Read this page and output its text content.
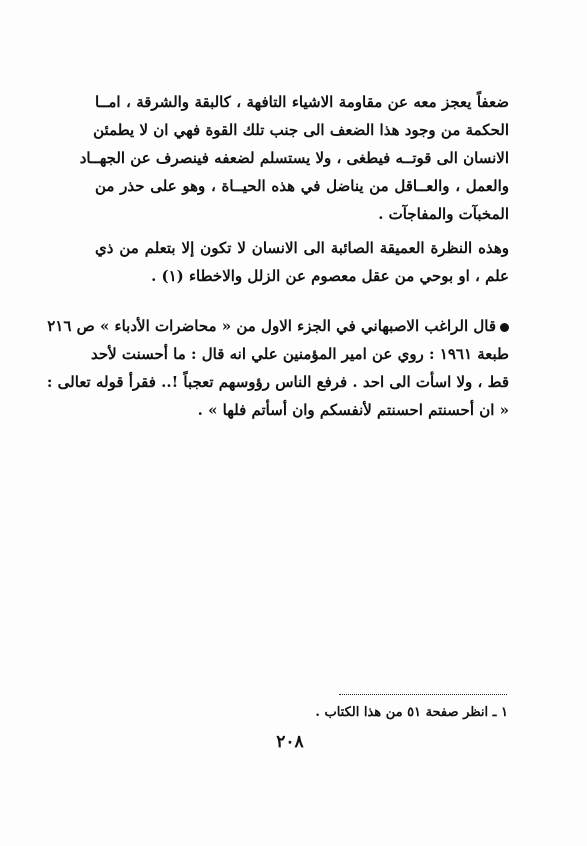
ضعفاً يعجز معه عن مقاومة الاشياء التافهة ، كالبقة والشرقة ، امــا
الحكمة من وجود هذا الضعف الى جنب تلك القوة فهي ان لا يطمئن
الانسان الى قوتــه فيطغى ، ولا يستسلم لضعفه فينصرف عن الجهــاد
والعمل ، والعــاقل من يناضل في هذه الحيــاة ، وهو على حذر من
المخبآت والمفاجآت .
وهذه النظرة العميقة الصائبة الى الانسان لا تكون إلا بتعلم من ذي
علم ، او بوحي من عقل معصوم عن الزلل والاخطاء (١) .
قال الراغب الاصبهاني في الجزء الاول من « محاضرات الأدباء » ص ٢١٦
طبعة ١٩٦١ : روي عن امير المؤمنين علي انه قال : ما أحسنت لأحد
قط ، ولا اسأت الى احد . فرفع الناس رؤوسهم تعجباً !.. فقرأ قوله تعالى :
« ان أحسنتم احسنتم لأنفسكم وان أسأتم فلها » .
١ ـ انظر صفحة ٥١ من هذا الكتاب .
٢٠٨
